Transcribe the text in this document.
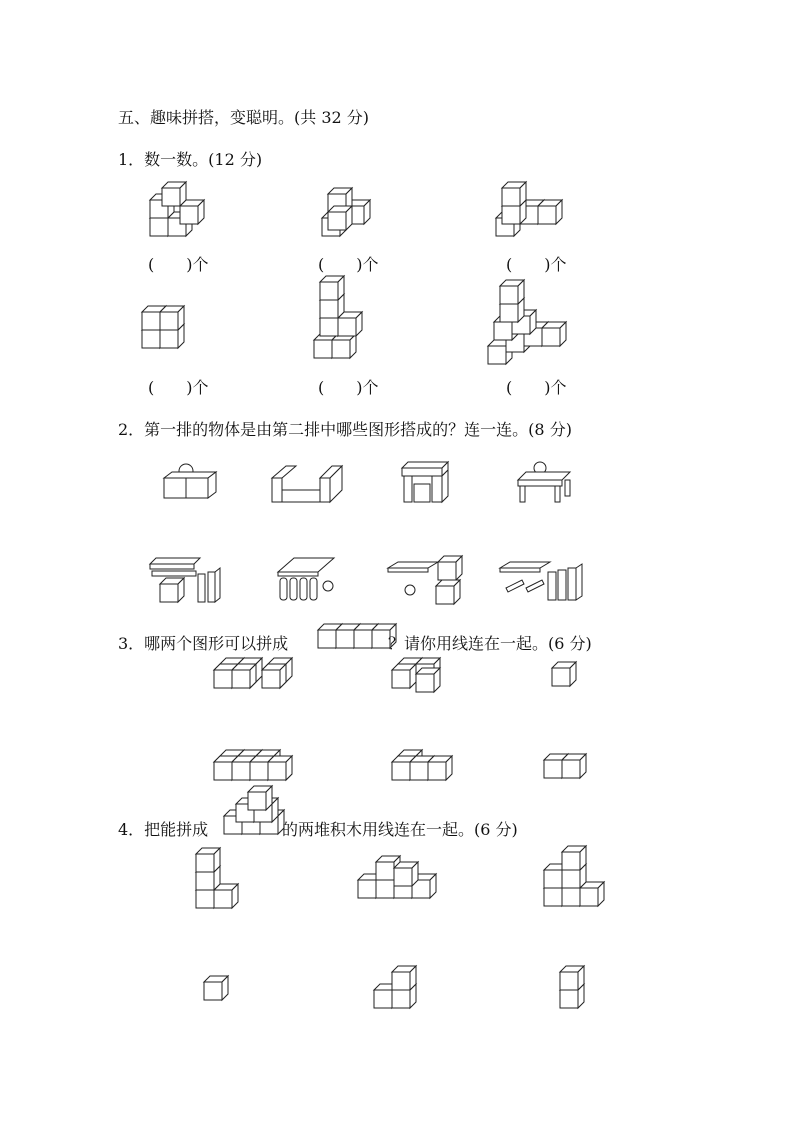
五、趣味拼搭，变聪明。(共 32 分)
1．数一数。(12 分)
(　　)个	(　　)个	(　　)个
(　　)个	(　　)个	(　　)个
2．第一排的物体是由第二排中哪些图形搭成的？连一连。(8 分)
3．哪两个图形可以拼成	？请你用线连在一起。(6 分)
4．把能拼成	的两堆积木用线连在一起。(6 分)
